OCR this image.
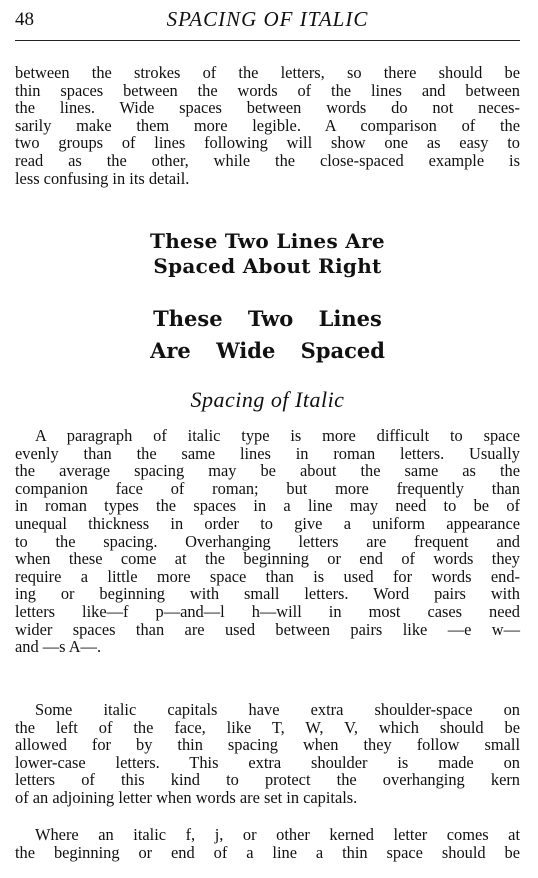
48	SPACING OF ITALIC
between the strokes of the letters, so there should be
thin spaces between the words of the lines and between
the lines. Wide spaces between words do not neces-
sarily make them more legible. A comparison of the
two groups of lines following will show one as easy to
read as the other, while the close-spaced example is
less confusing in its detail.
These Two Lines Are
Spaced About Right
These Two Lines
Are Wide Spaced
Spacing of Italic
A paragraph of italic type is more difficult to space
evenly than the same lines in roman letters. Usually
the average spacing may be about the same as the
companion face of roman; but more frequently than
in roman types the spaces in a line may need to be of
unequal thickness in order to give a uniform appearance
to the spacing. Overhanging letters are frequent and
when these come at the beginning or end of words they
require a little more space than is used for words end-
ing or beginning with small letters. Word pairs with
letters like—f p—and—l h—will in most cases need
wider spaces than are used between pairs like —e w—
and —s A—.
Some italic capitals have extra shoulder-space on
the left of the face, like T, W, V, which should be
allowed for by thin spacing when they follow small
lower-case letters. This extra shoulder is made on
letters of this kind to protect the overhanging kern
of an adjoining letter when words are set in capitals.
Where an italic f, j, or other kerned letter comes at
the beginning or end of a line a thin space should be
